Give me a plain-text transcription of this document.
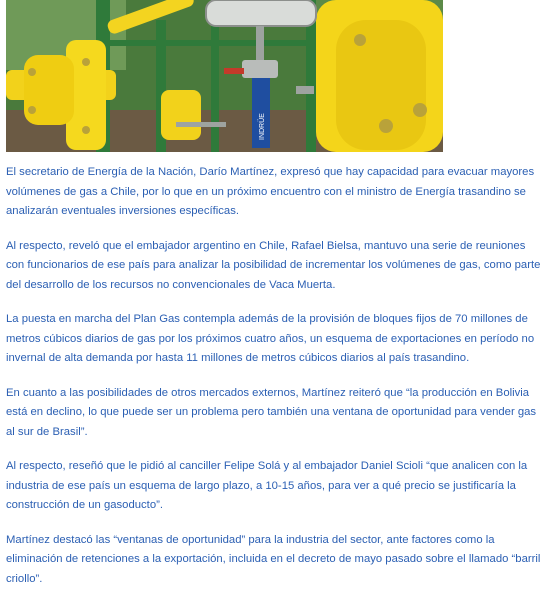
INDRÜE

El secretario de Energía de la Nación, Darío Martínez, expresó que hay capacidad para evacuar mayores volúmenes de gas a Chile, por lo que en un próximo encuentro con el ministro de Energía trasandino se analizarán eventuales inversiones específicas.

Al respecto, reveló que el embajador argentino en Chile, Rafael Bielsa, mantuvo una serie de reuniones con funcionarios de ese país para analizar la posibilidad de incrementar los volúmenes de gas, como parte del desarrollo de los recursos no convencionales de Vaca Muerta.

La puesta en marcha del Plan Gas contempla además de la provisión de bloques fijos de 70 millones de metros cúbicos diarios de gas por los próximos cuatro años, un esquema de exportaciones en período no invernal de alta demanda por hasta 11 millones de metros cúbicos diarios al país trasandino.

En cuanto a las posibilidades de otros mercados externos, Martínez reiteró que “la producción en Bolivia está en declino, lo que puede ser un problema pero también una ventana de oportunidad para vender gas al sur de Brasil”.

Al respecto, reseñó que le pidió al canciller Felipe Solá y al embajador Daniel Scioli “que analicen con la industria de ese país un esquema de largo plazo, a 10-15 años, para ver a qué precio se justificaría la construcción de un gasoducto”.

Martínez destacó las “ventanas de oportunidad” para la industria del sector, ante factores como la eliminación de retenciones a la exportación, incluida en el decreto de mayo pasado sobre el llamado “barril criollo”.
